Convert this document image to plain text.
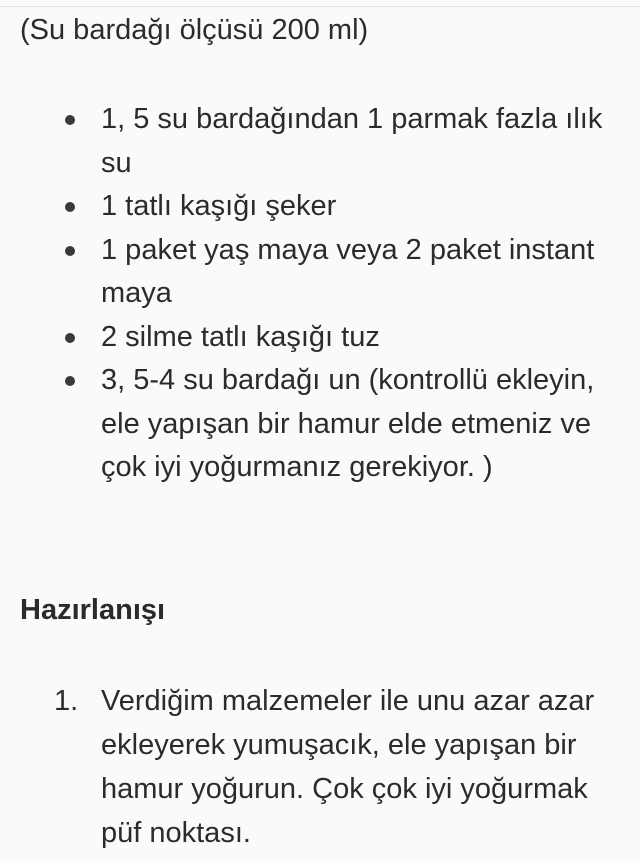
(Su bardağı ölçüsü 200 ml)

1, 5 su bardağından 1 parmak fazla ılık su
1 tatlı kaşığı şeker
1 paket yaş maya veya 2 paket instant maya
2 silme tatlı kaşığı tuz
3, 5-4 su bardağı un (kontrollü ekleyin, ele yapışan bir hamur elde etmeniz ve çok iyi yoğurmanız gerekiyor. )
Hazırlanışı
1. Verdiğim malzemeler ile unu azar azar ekleyerek yumuşacık, ele yapışan bir hamur yoğurun. Çok çok iyi yoğurmak püf noktası.
